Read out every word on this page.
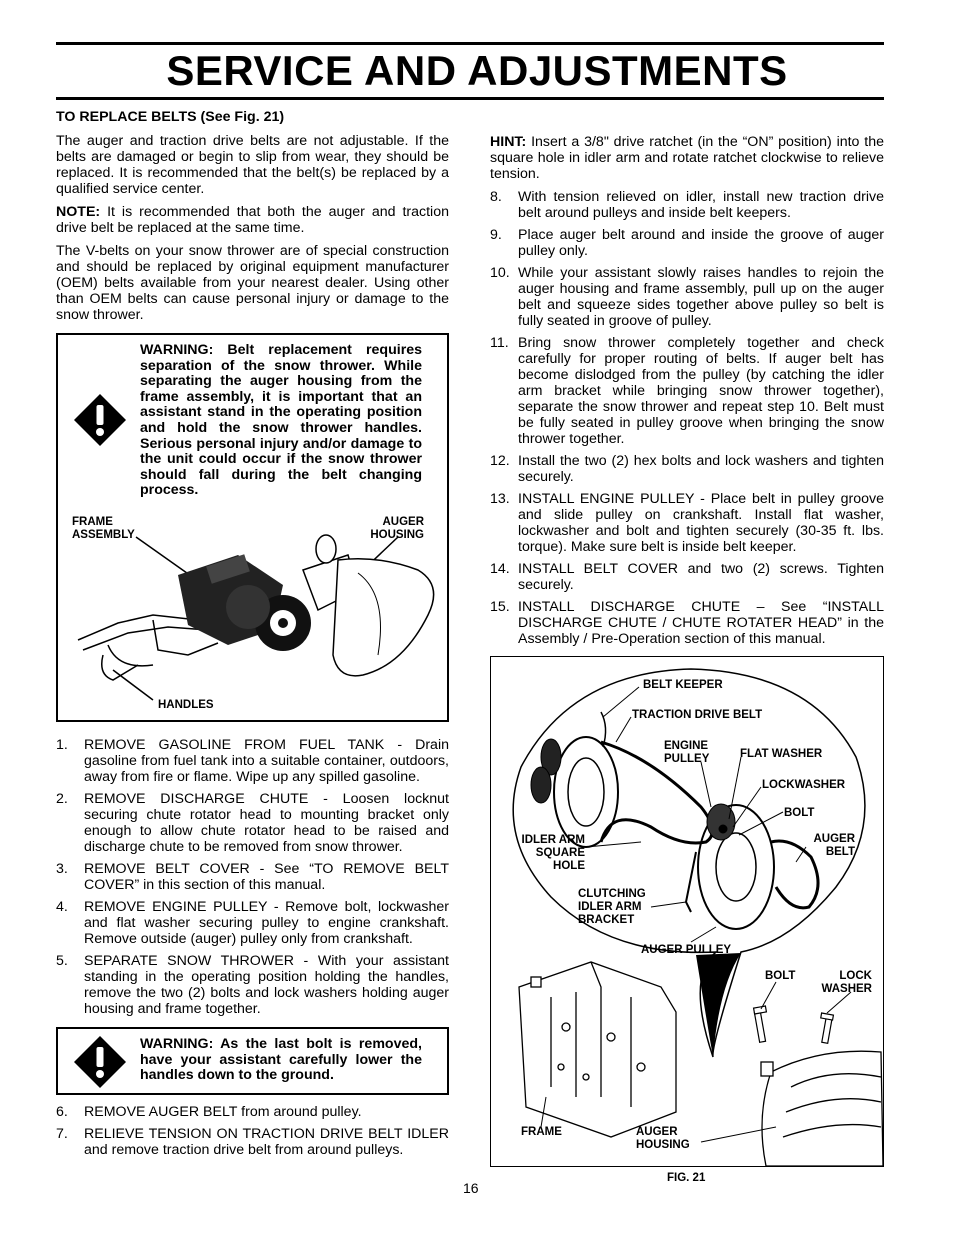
SERVICE AND ADJUSTMENTS
TO REPLACE BELTS (See Fig. 21)

The auger and traction drive belts are not adjustable. If the belts are damaged or begin to slip from wear, they should be replaced. It is recommended that the belt(s) be replaced by a qualified service center.

NOTE: It is recommended that both the auger and traction drive belt be replaced at the same time.

The V-belts on your snow thrower are of special construction and should be replaced by original equipment manufacturer (OEM) belts available from your nearest dealer. Using other than OEM belts can cause personal injury or damage to the snow thrower.

WARNING: Belt replacement requires separation of the snow thrower. While separating the auger housing from the frame assembly, it is important that an assistant stand in the operating position and hold the snow thrower handles. Serious personal injury and/or damage to the unit could occur if the snow thrower should fall during the belt changing process.
FRAME
ASSEMBLY
AUGER
HOUSING
HANDLES
1. REMOVE GASOLINE FROM FUEL TANK - Drain gasoline from fuel tank into a suitable container, outdoors, away from fire or flame. Wipe up any spilled gasoline.
2. REMOVE DISCHARGE CHUTE - Loosen locknut securing chute rotator head to mounting bracket only enough to allow chute rotator head to be raised and discharge chute to be removed from snow thrower.
3. REMOVE BELT COVER - See “TO REMOVE BELT COVER” in this section of this manual.
4. REMOVE ENGINE PULLEY - Remove bolt, lockwasher and flat washer securing pulley to engine crankshaft. Remove outside (auger) pulley only from crankshaft.
5. SEPARATE SNOW THROWER - With your assistant standing in the operating position holding the handles, remove the two (2) bolts and lock washers holding auger housing and frame together.
WARNING: As the last bolt is removed, have your assistant carefully lower the handles down to the ground.
6. REMOVE AUGER BELT from around pulley.
7. RELIEVE TENSION ON TRACTION DRIVE BELT IDLER and remove traction drive belt from around pulleys.

HINT: Insert a 3/8" drive ratchet (in the “ON” position) into the square hole in idler arm and rotate ratchet clockwise to relieve tension.

8. With tension relieved on idler, install new traction drive belt around pulleys and inside belt keepers.
9. Place auger belt around and inside the groove of auger pulley only.
10. While your assistant slowly raises handles to rejoin the auger housing and frame assembly, pull up on the auger belt and squeeze sides together above pulley so belt is fully seated in groove of pulley.
11. Bring snow thrower completely together and check carefully for proper routing of belts. If auger belt has become dislodged from the pulley (by catching the idler arm bracket while bringing snow thrower together), separate the snow thrower and repeat step 10. Belt must be fully seated in pulley groove when bringing the snow thrower together.
12. Install the two (2) hex bolts and lock washers and tighten securely.
13. INSTALL ENGINE PULLEY - Place belt in pulley groove and slide pulley on crankshaft. Install flat washer, lockwasher and bolt and tighten securely (30-35 ft. lbs. torque). Make sure belt is inside belt keeper.
14. INSTALL BELT COVER and two (2) screws. Tighten securely.
15. INSTALL DISCHARGE CHUTE – See “INSTALL DISCHARGE CHUTE / CHUTE ROTATER HEAD” in the Assembly / Pre-Operation section of this manual.
BELT KEEPER
TRACTION DRIVE BELT
ENGINE
PULLEY	FLAT WASHER
LOCKWASHER
BOLT
IDLER ARM
SQUARE
HOLE
AUGER
BELT
CLUTCHING
IDLER ARM
BRACKET
AUGER PULLEY
BOLT	LOCK
WASHER
FRAME	AUGER
HOUSING
FIG. 21
16
